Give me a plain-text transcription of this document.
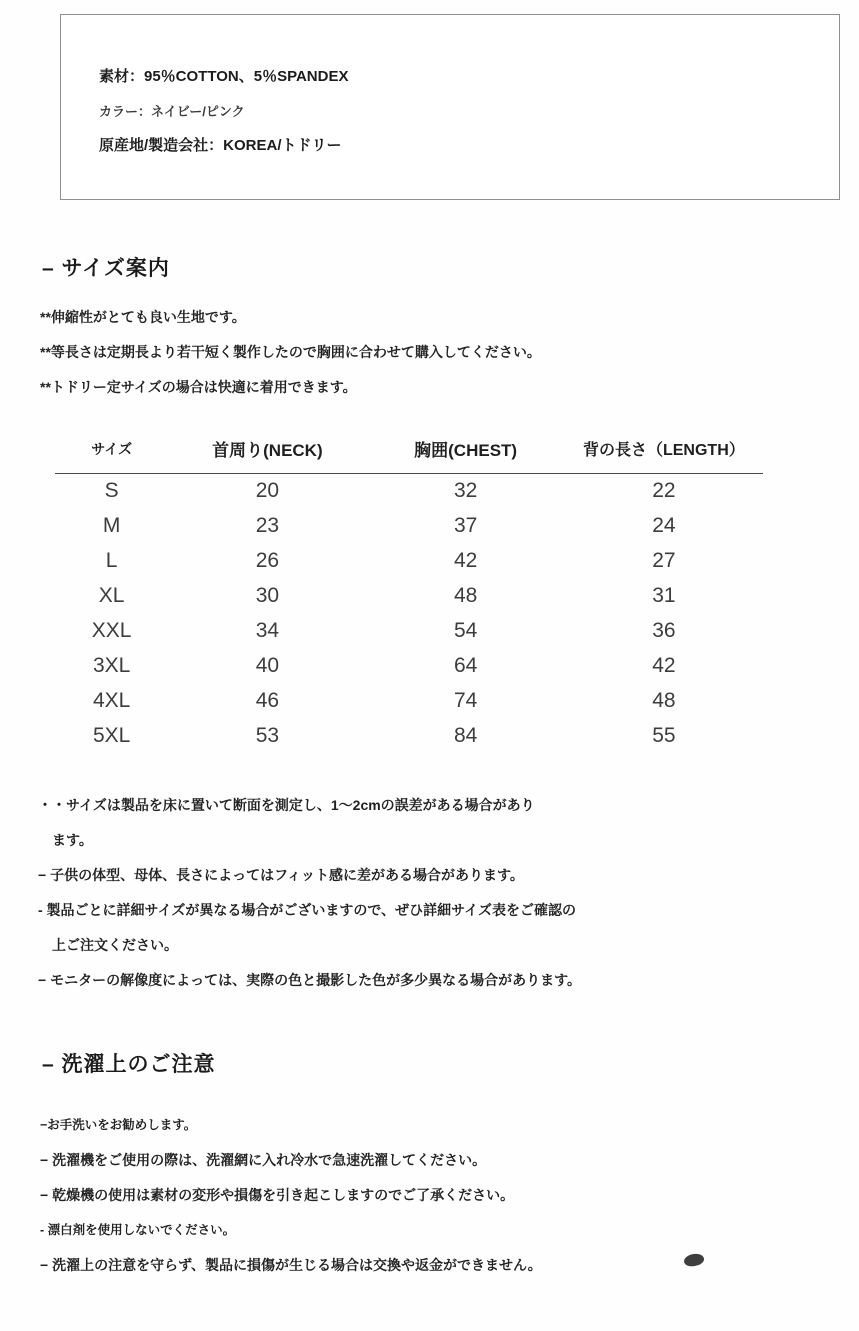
素材：95％COTTON、5％SPANDEX

カラー：ネイビー/ピンク

原産地/製造会社：KOREA/トドリー

– サイズ案内

**伸縮性がとても良い生地です。

**等長さは定期長より若干短く製作したので胸囲に合わせて購入してください。

**トドリー定サイズの場合は快適に着用できます。

サイズ	首周り(NECK)	胸囲(CHEST)	背の長さ（LENGTH）
S	20	32	22
M	23	37	24
L	26	42	27
XL	30	48	31
XXL	34	54	36
3XL	40	64	42
4XL	46	74	48
5XL	53	84	55

・・サイズは製品を床に置いて断面を測定し、1～2cmの誤差がある場合があり

　ます。

− 子供の体型、母体、長さによってはフィット感に差がある場合があります。

- 製品ごとに詳細サイズが異なる場合がございますので、ぜひ詳細サイズ表をご確認の

　上ご注文ください。

− モニターの解像度によっては、実際の色と撮影した色が多少異なる場合があります。

– 洗濯上のご注意

−お手洗いをお勧めします。

− 洗濯機をご使用の際は、洗濯網に入れ冷水で急速洗濯してください。

− 乾燥機の使用は素材の変形や損傷を引き起こしますのでご了承ください。

- 漂白剤を使用しないでください。

− 洗濯上の注意を守らず、製品に損傷が生じる場合は交換や返金ができません。
